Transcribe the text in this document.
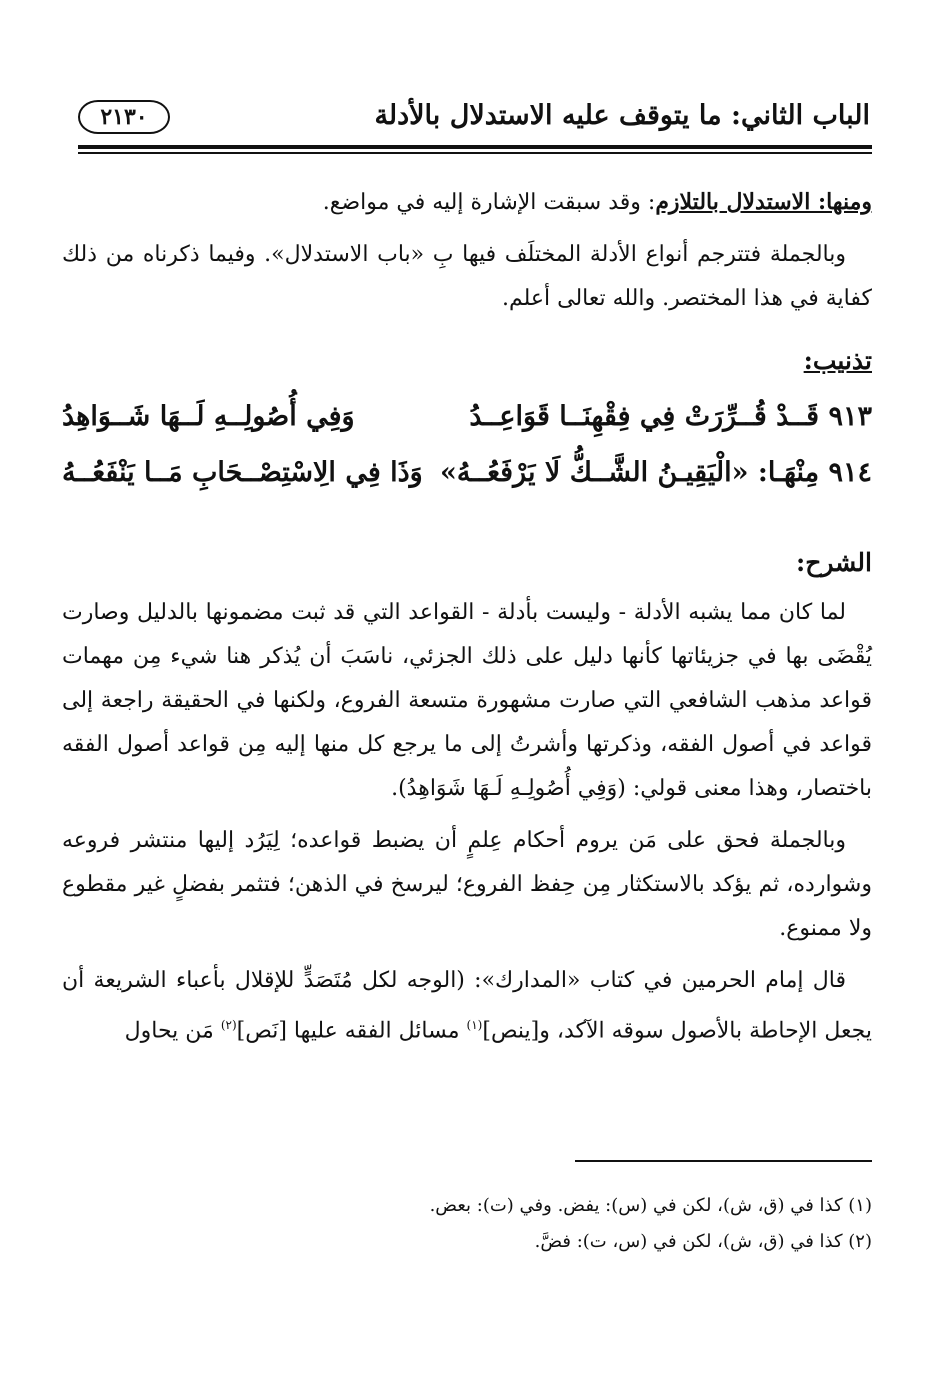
الباب الثاني: ما يتوقف عليه الاستدلال بالأدلة
٢١٣٠

ومنها: الاستدلال بالتلازم: وقد سبقت الإشارة إليه في مواضع.

وبالجملة فتترجم أنواع الأدلة المختلَف فيها بِ «باب الاستدلال». وفيما ذكرناه من ذلك كفاية في هذا المختصر. والله تعالى أعلم.

تذنيب:
٩١٣ قَــدْ قُــرِّرَتْ فِي فِقْهِنَــا قَوَاعِــدُ
وَفِي أُصُولِــهِ لَــهَا شَــوَاهِدُ
٩١٤ مِنْهَـا: «الْيَقِيـنُ الشَّــكُّ لَا يَرْفَعُــهُ»
وَذَا فِي الِاسْتِصْــحَابِ مَــا يَنْفَعُــهُ
الشرح:

لما كان مما يشبه الأدلة - وليست بأدلة - القواعد التي قد ثبت مضمونها بالدليل وصارت يُقْضَى بها في جزيئاتها كأنها دليل على ذلك الجزئي، ناسَبَ أن يُذكر هنا شيء مِن مهمات قواعد مذهب الشافعي التي صارت مشهورة متسعة الفروع، ولكنها في الحقيقة راجعة إلى قواعد في أصول الفقه، وذكرتها وأشرتُ إلى ما يرجع كل منها إليه مِن قواعد أصول الفقه باختصار، وهذا معنى قولي: (وَفِي أُصُولِـهِ لَـهَا شَوَاهِدُ).

وبالجملة فحق على مَن يروم أحكام عِلمٍ أن يضبط قواعده؛ لِيَرُد إليها منتشر فروعه وشوارده، ثم يؤكد بالاستكثار مِن حِفظ الفروع؛ ليرسخ في الذهن؛ فتثمر بفضلٍ غير مقطوع ولا ممنوع.

قال إمام الحرمين في كتاب «المدارك»: (الوجه لكل مُتَصَدٍّ للإقلال بأعباء الشريعة أن يجعل الإحاطة بالأصول سوقه الآكد، و[ينص]$^{(١)}$ مسائل الفقه عليها [نَص]$^{(٢)}$ مَن يحاول

(١) كذا في (ق، ش)، لكن في (س): يفض. وفي (ت): بعض.

(٢) كذا في (ق، ش)، لكن في (س، ت): فضَّ.
